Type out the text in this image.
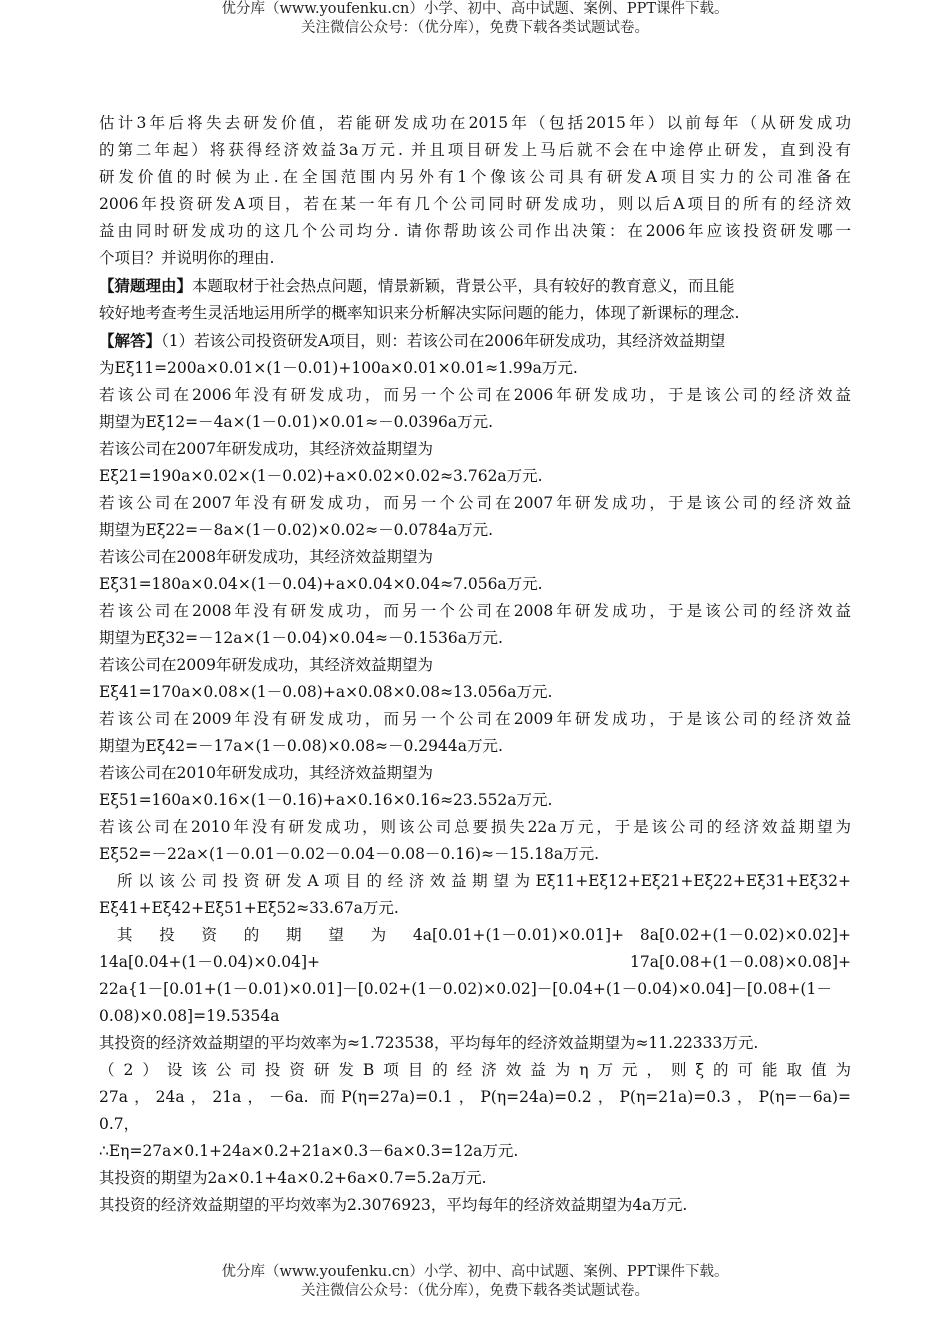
优分库（www.youfenku.cn）小学、初中、高中试题、案例、PPT课件下载。
关注微信公众号：（优分库），免费下载各类试题试卷。
估计3年后将失去研发价值，若能研发成功在2015年（包括2015年）以前每年（从研发成功
的第二年起）将获得经济效益3a万元. 并且项目研发上马后就不会在中途停止研发，直到没有
研发价值的时候为止.在全国范围内另外有1个像该公司具有研发A项目实力的公司准备在
2006年投资研发A项目，若在某一年有几个公司同时研发成功，则以后A项目的所有的经济效
益由同时研发成功的这几个公司均分. 请你帮助该公司作出决策：在2006年应该投资研发哪一
个项目？并说明你的理由.
【猜题理由】本题取材于社会热点问题，情景新颖，背景公平，具有较好的教育意义，而且能
较好地考查考生灵活地运用所学的概率知识来分析解决实际问题的能力，体现了新课标的理念.
【解答】（1）若该公司投资研发A项目，则：若该公司在2006年研发成功，其经济效益期望
为Eξ11=200a×0.01×(1－0.01)+100a×0.01×0.01≈1.99a万元.
若该公司在2006年没有研发成功，而另一个公司在2006年研发成功，于是该公司的经济效益
期望为Eξ12=－4a×(1－0.01)×0.01≈－0.0396a万元.
若该公司在2007年研发成功，其经济效益期望为
Eξ21=190a×0.02×(1－0.02)+a×0.02×0.02≈3.762a万元.
若该公司在2007年没有研发成功，而另一个公司在2007年研发成功，于是该公司的经济效益
期望为Eξ22=－8a×(1－0.02)×0.02≈－0.0784a万元.
若该公司在2008年研发成功，其经济效益期望为
Eξ31=180a×0.04×(1－0.04)+a×0.04×0.04≈7.056a万元.
若该公司在2008年没有研发成功，而另一个公司在2008年研发成功，于是该公司的经济效益
期望为Eξ32=－12a×(1－0.04)×0.04≈－0.1536a万元.
若该公司在2009年研发成功，其经济效益期望为
Eξ41=170a×0.08×(1－0.08)+a×0.08×0.08≈13.056a万元.
若该公司在2009年没有研发成功，而另一个公司在2009年研发成功，于是该公司的经济效益
期望为Eξ42=－17a×(1－0.08)×0.08≈－0.2944a万元.
若该公司在2010年研发成功，其经济效益期望为
Eξ51=160a×0.16×(1－0.16)+a×0.16×0.16≈23.552a万元.
若该公司在2010年没有研发成功，则该公司总要损失22a万元，于是该公司的经济效益期望为
Eξ52=－22a×(1－0.01－0.02－0.04－0.08－0.16)≈－15.18a万元.
所以该公司投资研发A项目的经济效益期望为Eξ11+Eξ12+Eξ21+Eξ22+Eξ31+Eξ32+
Eξ41+Eξ42+Eξ51+Eξ52≈33.67a万元.
其 投 资 的 期 望 为 4a[0.01+(1－0.01)×0.01]+ 8a[0.02+(1－0.02)×0.02]+
14a[0.04+(1－0.04)×0.04]+ 17a[0.08+(1－0.08)×0.08]+
22a{1－[0.01+(1－0.01)×0.01]－[0.02+(1－0.02)×0.02]－[0.04+(1－0.04)×0.04]－[0.08+(1－
0.08)×0.08]=19.5354a
其投资的经济效益期望的平均效率为≈1.723538，平均每年的经济效益期望为≈11.22333万元.
（2）设该公司投资研发B项目的经济效益为η万元，则ξ的可能取值为
27a，24a，21a，－6a. 而P(η=27a)=0.1，P(η=24a)=0.2，P(η=21a)=0.3，P(η=－6a)=
0.7，
∴Eη=27a×0.1+24a×0.2+21a×0.3－6a×0.3=12a万元.
其投资的期望为2a×0.1+4a×0.2+6a×0.7=5.2a万元.
其投资的经济效益期望的平均效率为2.3076923，平均每年的经济效益期望为4a万元.
优分库（www.youfenku.cn）小学、初中、高中试题、案例、PPT课件下载。
关注微信公众号：（优分库），免费下载各类试题试卷。
